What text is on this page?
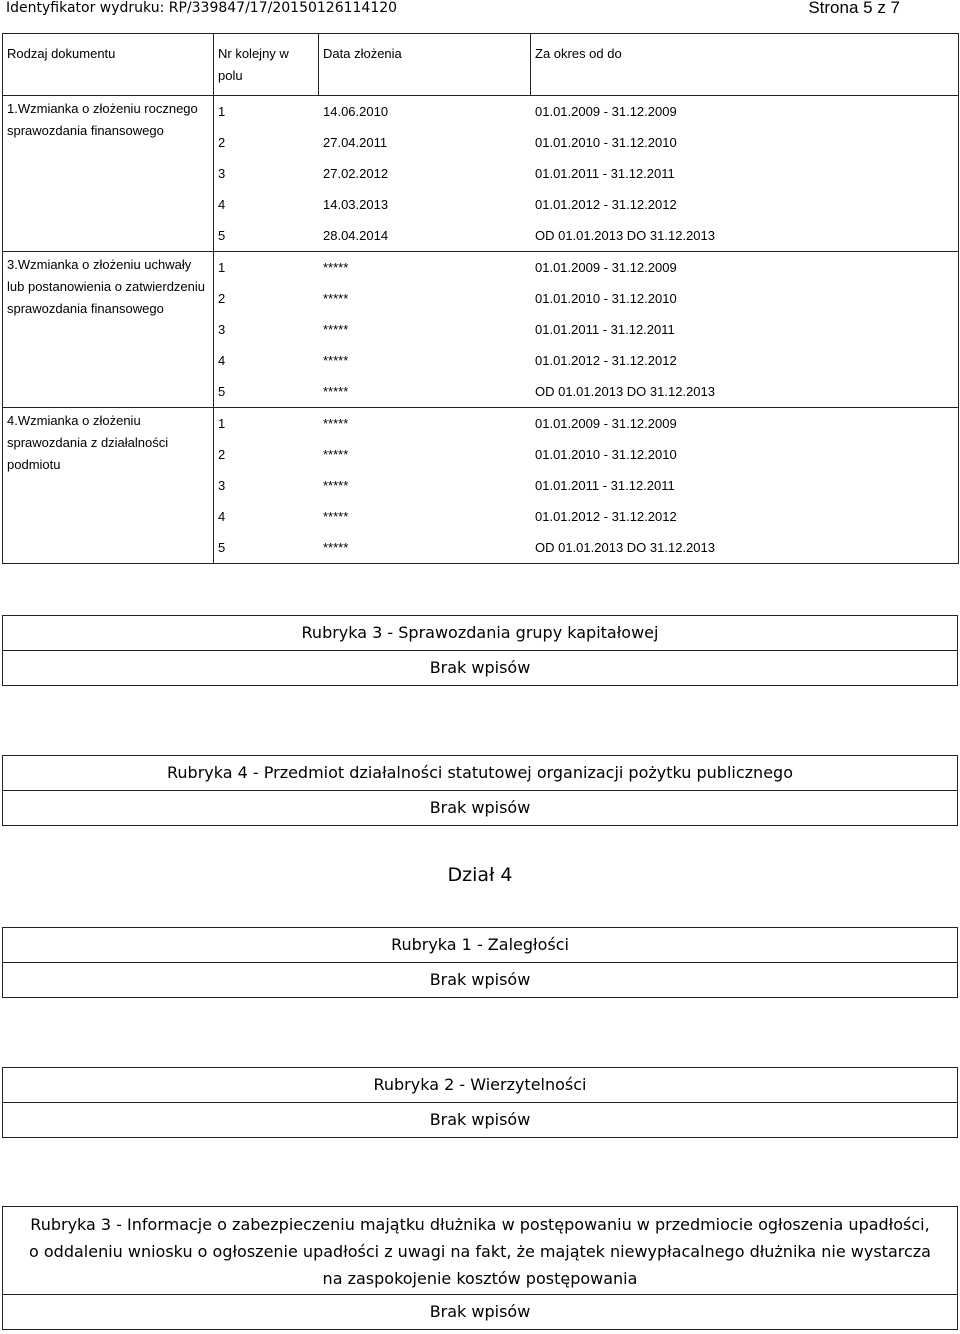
Identyfikator wydruku: RP/339847/17/20150126114120	Strona 5 z 7
Rodzaj dokumentu	Nr kolejny w polu	Data złożenia	Za okres od do
1.Wzmianka o złożeniu rocznego sprawozdania finansowego	
1	14.06.2010	01.01.2009 - 31.12.2009
2	27.04.2011	01.01.2010 - 31.12.2010
3	27.02.2012	01.01.2011 - 31.12.2011
4	14.03.2013	01.01.2012 - 31.12.2012
5	28.04.2014	OD 01.01.2013 DO 31.12.2013

3.Wzmianka o złożeniu uchwały lub postanowienia o zatwierdzeniu sprawozdania finansowego	
1	*****	01.01.2009 - 31.12.2009
2	*****	01.01.2010 - 31.12.2010
3	*****	01.01.2011 - 31.12.2011
4	*****	01.01.2012 - 31.12.2012
5	*****	OD 01.01.2013 DO 31.12.2013

4.Wzmianka o złożeniu sprawozdania z działalności podmiotu	
1	*****	01.01.2009 - 31.12.2009
2	*****	01.01.2010 - 31.12.2010
3	*****	01.01.2011 - 31.12.2011
4	*****	01.01.2012 - 31.12.2012
5	*****	OD 01.01.2013 DO 31.12.2013
Rubryka 3 - Sprawozdania grupy kapitałowej
Brak wpisów
Rubryka 4 - Przedmiot działalności statutowej organizacji pożytku publicznego
Brak wpisów
Dział 4
Rubryka 1 - Zaległości
Brak wpisów
Rubryka 2 - Wierzytelności
Brak wpisów
Rubryka 3 - Informacje o zabezpieczeniu majątku dłużnika w postępowaniu w przedmiocie ogłoszenia upadłości, o oddaleniu wniosku o ogłoszenie upadłości z uwagi na fakt, że majątek niewypłacalnego dłużnika nie wystarcza na zaspokojenie kosztów postępowania
Brak wpisów
